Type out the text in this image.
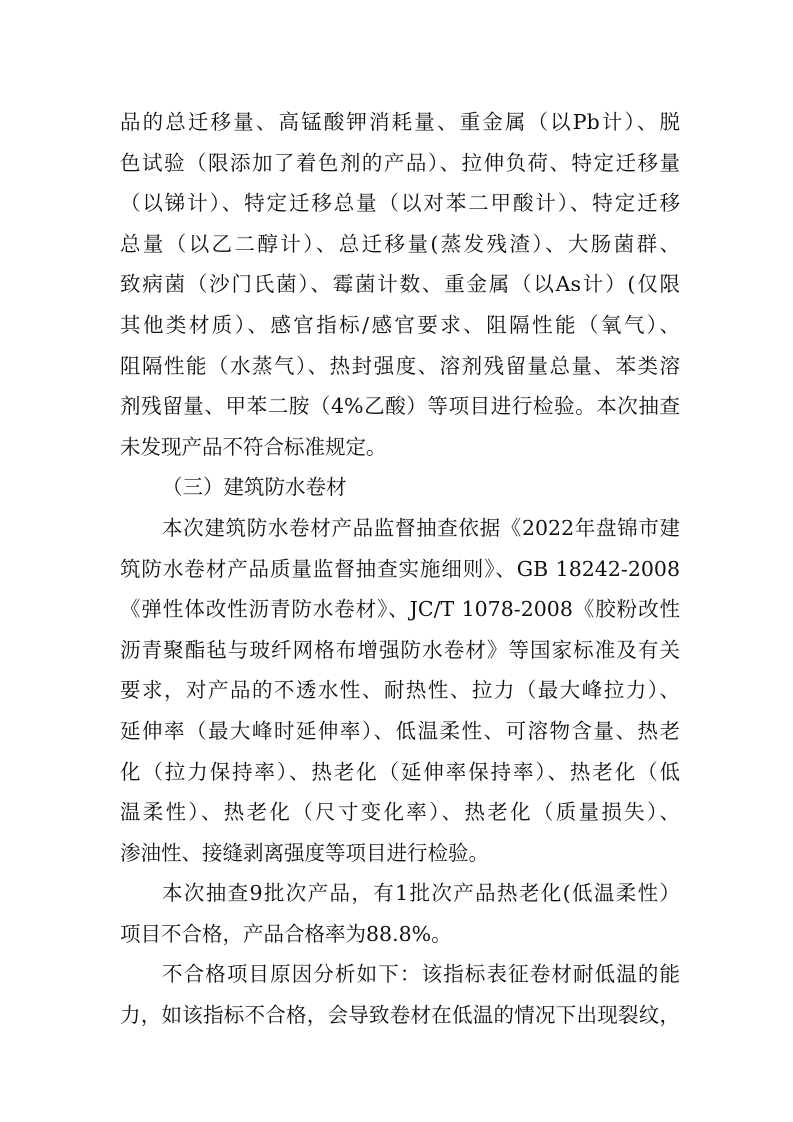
品的总迁移量、高锰酸钾消耗量、重金属（以Pb计）、脱
色试验（限添加了着色剂的产品）、拉伸负荷、特定迁移量
（以锑计）、特定迁移总量（以对苯二甲酸计）、特定迁移
总量（以乙二醇计）、总迁移量(蒸发残渣）、大肠菌群、
致病菌（沙门氏菌）、霉菌计数、重金属（以As计）(仅限
其他类材质）、感官指标/感官要求、阻隔性能（氧气）、
阻隔性能（水蒸气）、热封强度、溶剂残留量总量、苯类溶
剂残留量、甲苯二胺（4%乙酸）等项目进行检验。本次抽查
未发现产品不符合标准规定。
（三）建筑防水卷材
本次建筑防水卷材产品监督抽查依据《2022年盘锦市建
筑防水卷材产品质量监督抽查实施细则》、GB 18242-2008
《弹性体改性沥青防水卷材》、JC/T 1078-2008《胶粉改性
沥青聚酯毡与玻纤网格布增强防水卷材》等国家标准及有关
要求，对产品的不透水性、耐热性、拉力（最大峰拉力）、
延伸率（最大峰时延伸率）、低温柔性、可溶物含量、热老
化（拉力保持率）、热老化（延伸率保持率）、热老化（低
温柔性）、热老化（尺寸变化率）、热老化（质量损失）、
渗油性、接缝剥离强度等项目进行检验。
本次抽查9批次产品，有1批次产品热老化(低温柔性）
项目不合格，产品合格率为88.8%。
不合格项目原因分析如下：该指标表征卷材耐低温的能
力，如该指标不合格，会导致卷材在低温的情况下出现裂纹，
